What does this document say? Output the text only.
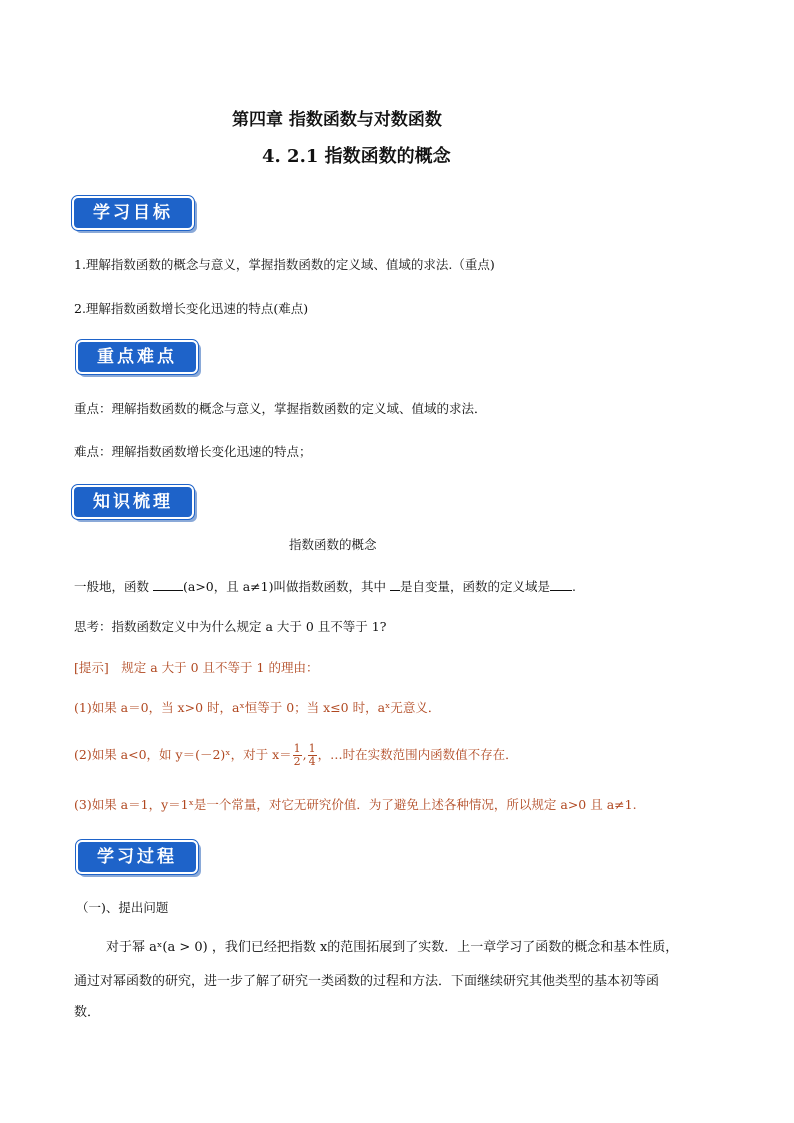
第四章 指数函数与对数函数
4. 2.1 指数函数的概念
学习目标
1.理解指数函数的概念与意义，掌握指数函数的定义域、值域的求法.（重点)
2.理解指数函数增长变化迅速的特点(难点)
重点难点
重点：理解指数函数的概念与意义，掌握指数函数的定义域、值域的求法．
难点：理解指数函数增长变化迅速的特点；
知识梳理
指数函数的概念
一般地，函数 (a>0，且 a≠1)叫做指数函数，其中 是自变量，函数的定义域是 .
思考：指数函数定义中为什么规定 a 大于 0 且不等于 1?
[提示]　规定 a 大于 0 且不等于 1 的理由：
(1)如果 a＝0，当 x>0 时，aˣ恒等于 0；当 x≤0 时，aˣ无意义．
(2)如果 a<0，如 y＝(－2)ˣ，对于 $x= \frac{1}{2}$ , $\frac{1}{4}$ ，…时在实数范围内函数值不存在．
(3)如果 a＝1，y＝1ˣ是一个常量，对它无研究价值．为了避免上述各种情况，所以规定 a>0 且 a≠1.
学习过程
（一)、提出问题
对于幂 aˣ(a > 0) ，我们已经把指数 x的范围拓展到了实数．上一章学习了函数的概念和基本性质，
通过对幂函数的研究，进一步了解了研究一类函数的过程和方法．下面继续研究其他类型的基本初等函
数．
